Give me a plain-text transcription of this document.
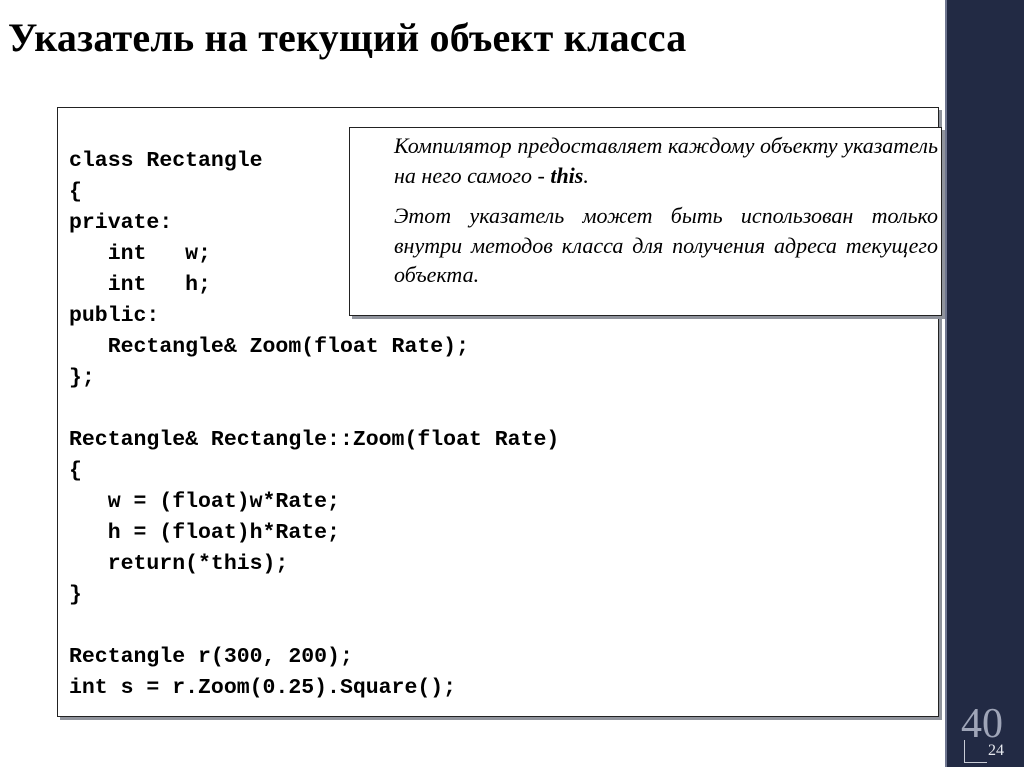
Указатель на текущий объект класса
class Rectangle
{
private:
int   w;
int   h;
public:
Rectangle& Zoom(float Rate);
};
Rectangle& Rectangle::Zoom(float Rate)
{
w = (float)w*Rate;
h = (float)h*Rate;
return(*this);
}
Rectangle r(300, 200);
int s = r.Zoom(0.25).Square();

Компилятор предоставляет каждому объекту указатель на него самого - this.

Этот указатель может быть использован только внутри методов класса для получения адреса текущего объекта.

40
24
